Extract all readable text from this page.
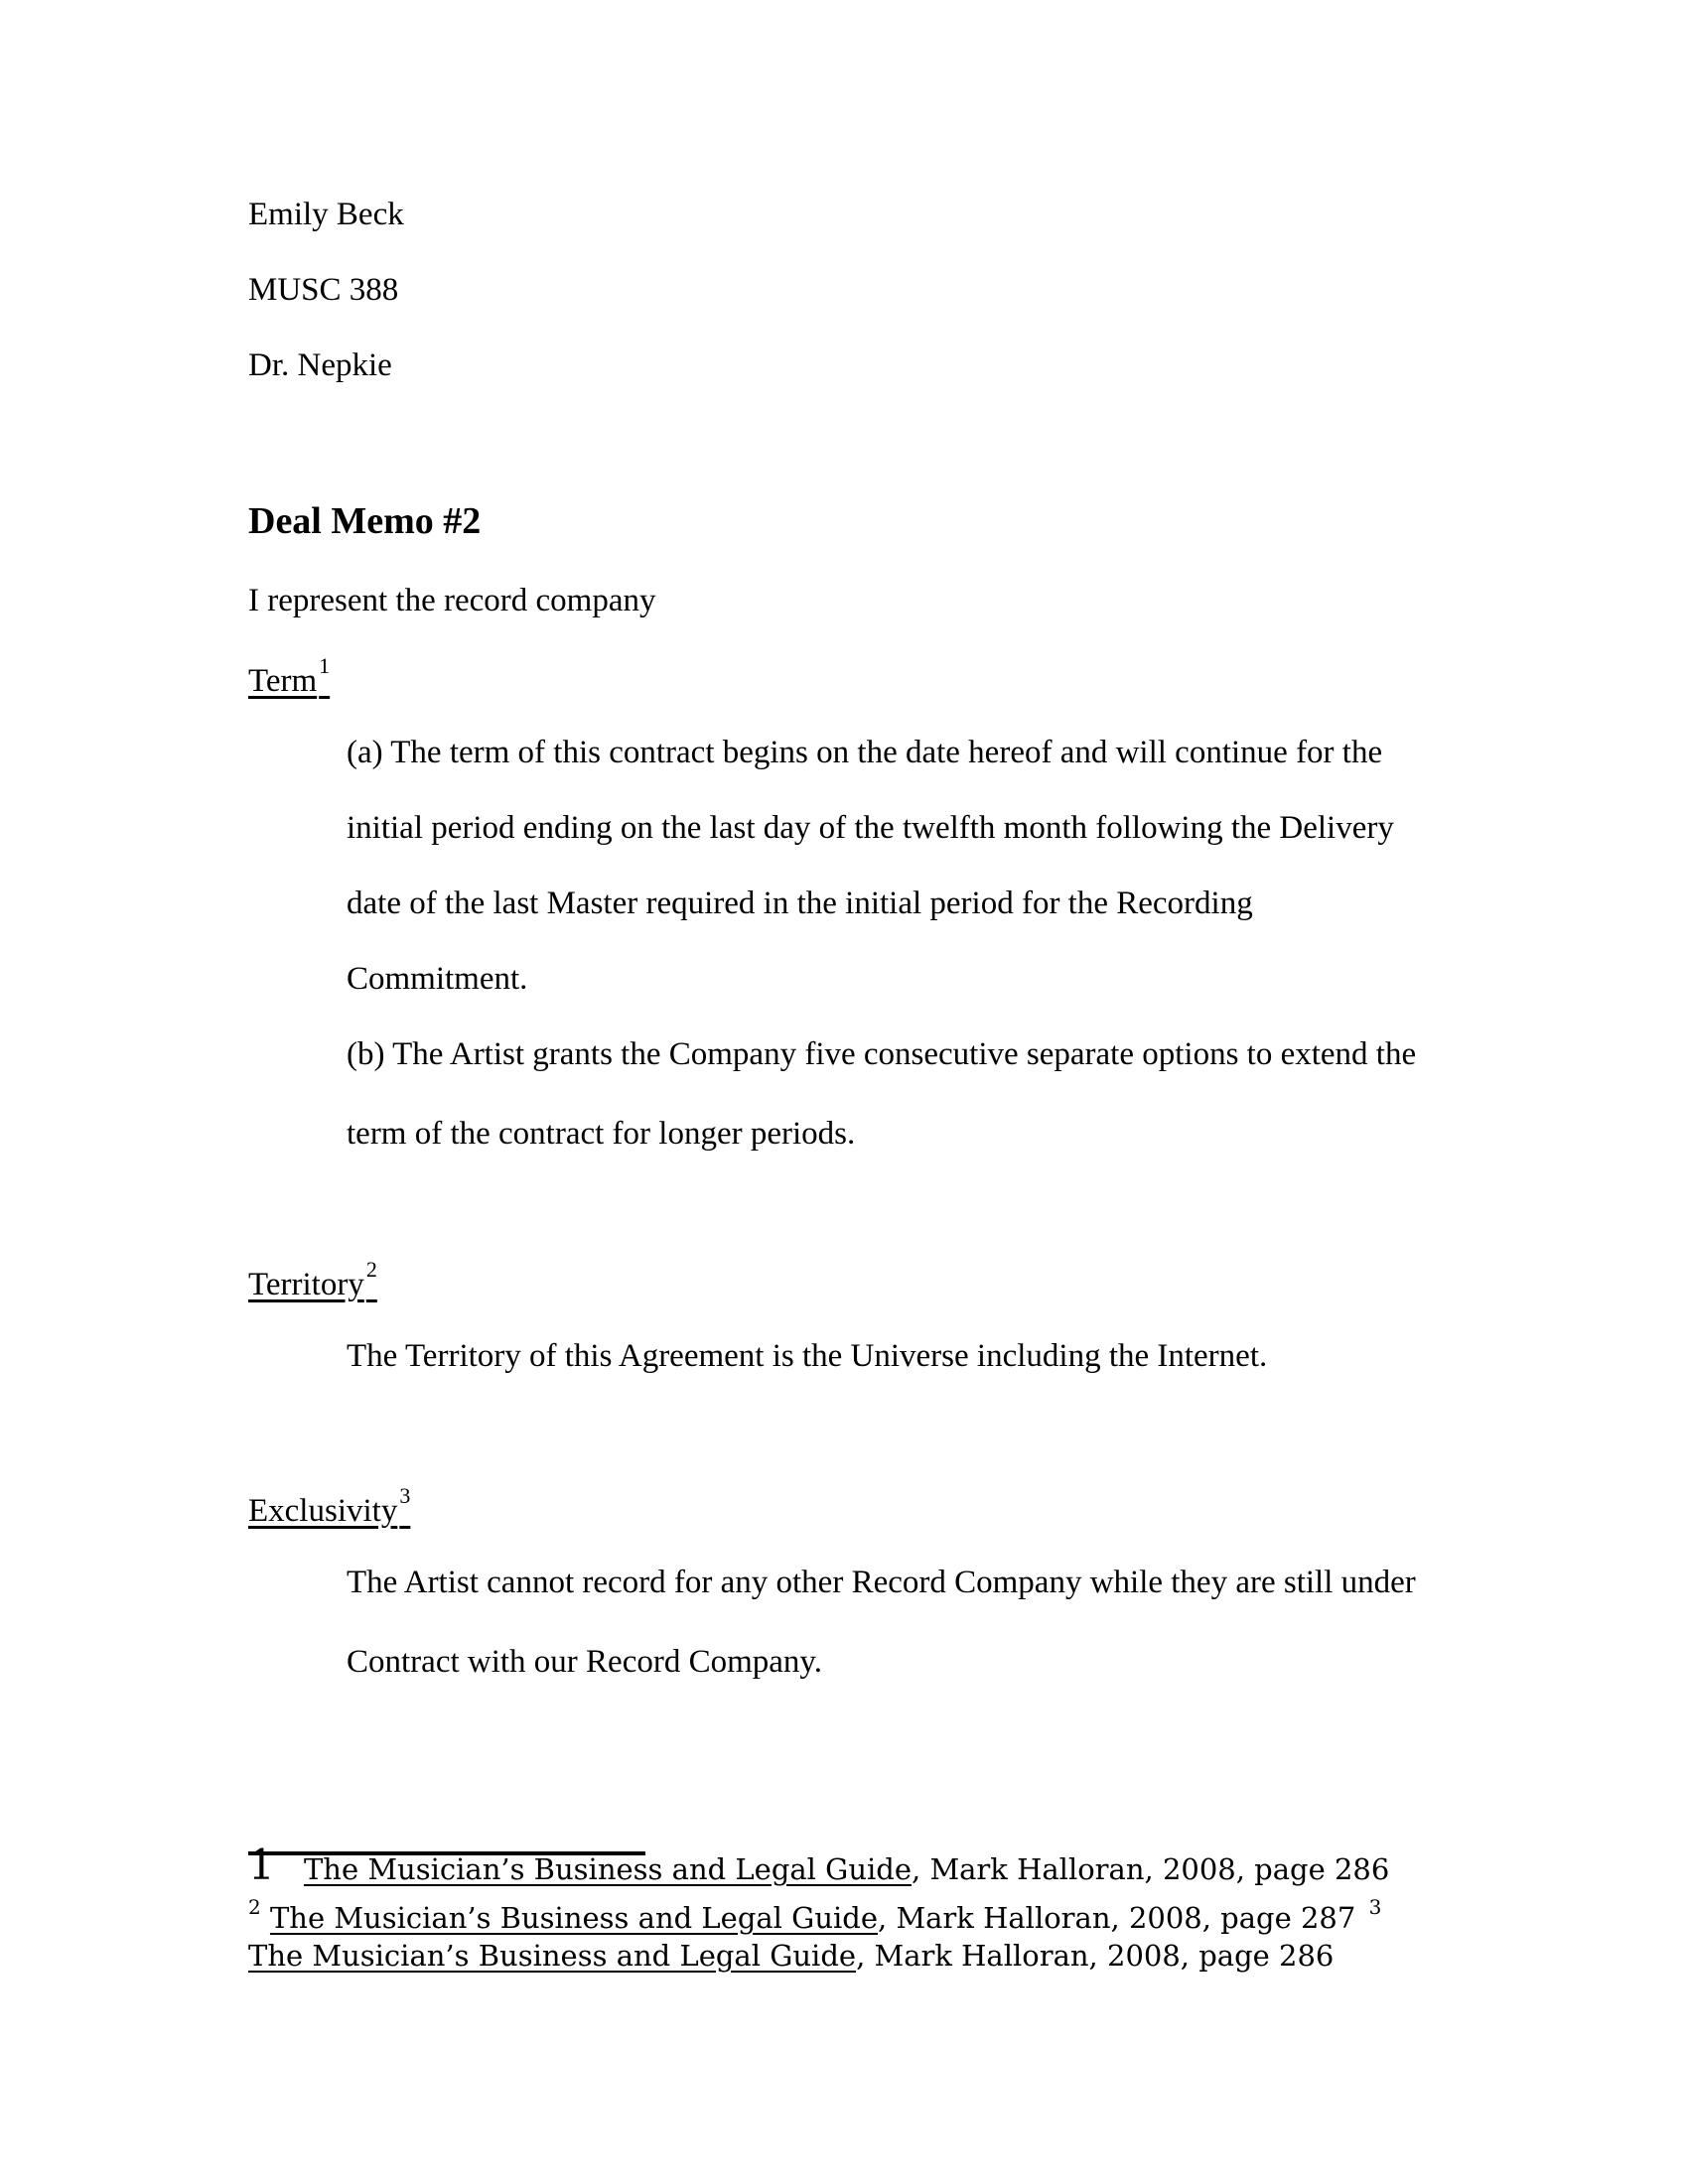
Emily Beck
MUSC 388
Dr. Nepkie
Deal Memo #2
I represent the record company
Term$^1$
(a) The term of this contract begins on the date hereof and will continue for the
initial period ending on the last day of the twelfth month following the Delivery
date of the last Master required in the initial period for the Recording
Commitment.
(b) The Artist grants the Company five consecutive separate options to extend the
term of the contract for longer periods.
Territory$^2$
The Territory of this Agreement is the Universe including the Internet.
Exclusivity$^3$
The Artist cannot record for any other Record Company while they are still under
Contract with our Record Company.
1 The Musician’s Business and Legal Guide, Mark Halloran, 2008, page 286
$^2$ The Musician’s Business and Legal Guide, Mark Halloran, 2008, page 287 $^3$
The Musician’s Business and Legal Guide, Mark Halloran, 2008, page 286
